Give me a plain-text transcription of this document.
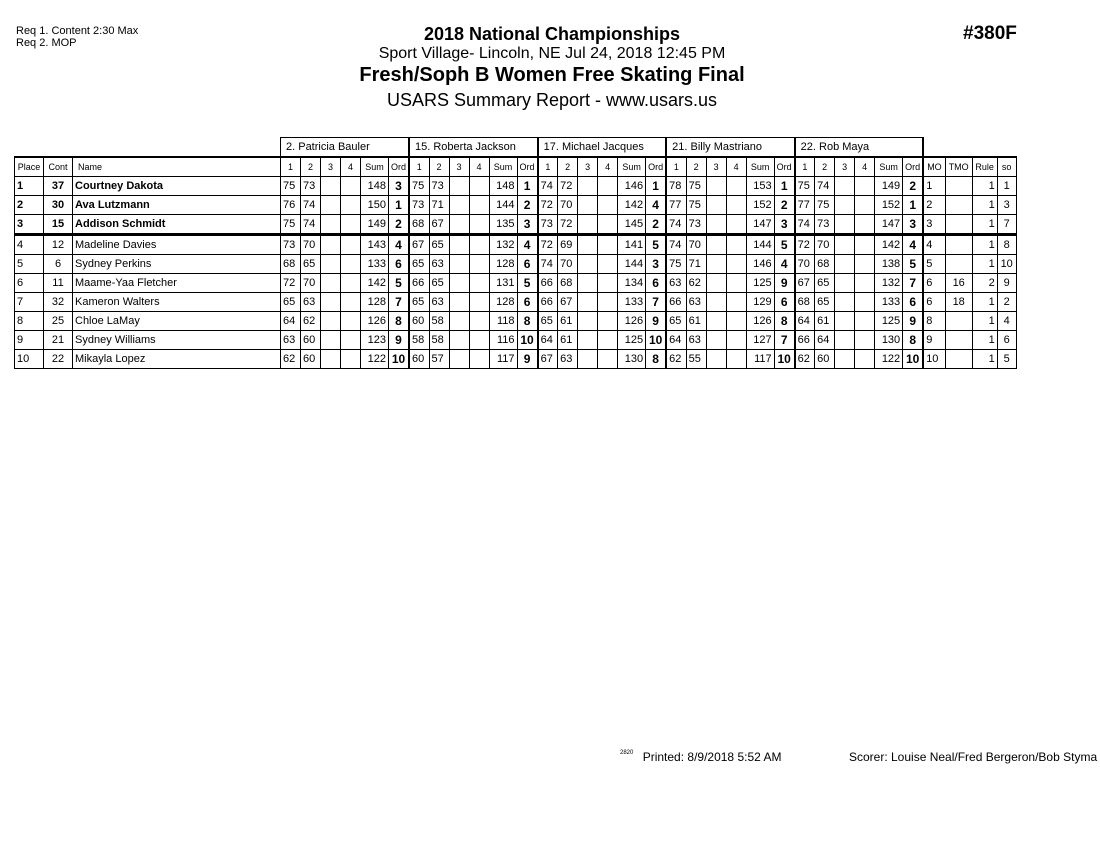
Req 1. Content 2:30 Max
Req 2. MOP	#380F
2018 National Championships
Sport Village- Lincoln, NE Jul 24, 2018 12:45 PM
Fresh/Soph B Women Free Skating Final
USARS Summary Report - www.usars.us
			2. Patricia Bauler						15. Roberta Jackson						17. Michael Jacques						21. Billy Mastriano						22. Rob Maya									
Place	Cont	Name	1	2	3	4	Sum	Ord	1	2	3	4	Sum	Ord	1	2	3	4	Sum	Ord	1	2	3	4	Sum	Ord	1	2	3	4	Sum	Ord	MO	TMO	Rule	so
1	37	Courtney Dakota	75	73			148	3	75	73			148	1	74	72			146	1	78	75			153	1	75	74			149	2	1		1	1
2	30	Ava Lutzmann	76	74			150	1	73	71			144	2	72	70			142	4	77	75			152	2	77	75			152	1	2		1	3
3	15	Addison Schmidt	75	74			149	2	68	67			135	3	73	72			145	2	74	73			147	3	74	73			147	3	3		1	7
4	12	Madeline Davies	73	70			143	4	67	65			132	4	72	69			141	5	74	70			144	5	72	70			142	4	4		1	8
5	6	Sydney Perkins	68	65			133	6	65	63			128	6	74	70			144	3	75	71			146	4	70	68			138	5	5		1	10
6	11	Maame-Yaa Fletcher	72	70			142	5	66	65			131	5	66	68			134	6	63	62			125	9	67	65			132	7	6	16	2	9
7	32	Kameron Walters	65	63			128	7	65	63			128	6	66	67			133	7	66	63			129	6	68	65			133	6	6	18	1	2
8	25	Chloe LaMay	64	62			126	8	60	58			118	8	65	61			126	9	65	61			126	8	64	61			125	9	8		1	4
9	21	Sydney Williams	63	60			123	9	58	58			116	10	64	61			125	10	64	63			127	7	66	64			130	8	9		1	6
10	22	Mikayla Lopez	62	60			122	10	60	57			117	9	67	63			130	8	62	55			117	10	62	60			122	10	10		1	5
$^{2820}$ Printed: 8/9/2018 5:52 AM	Scorer: Louise Neal/Fred Bergeron/Bob Styma
